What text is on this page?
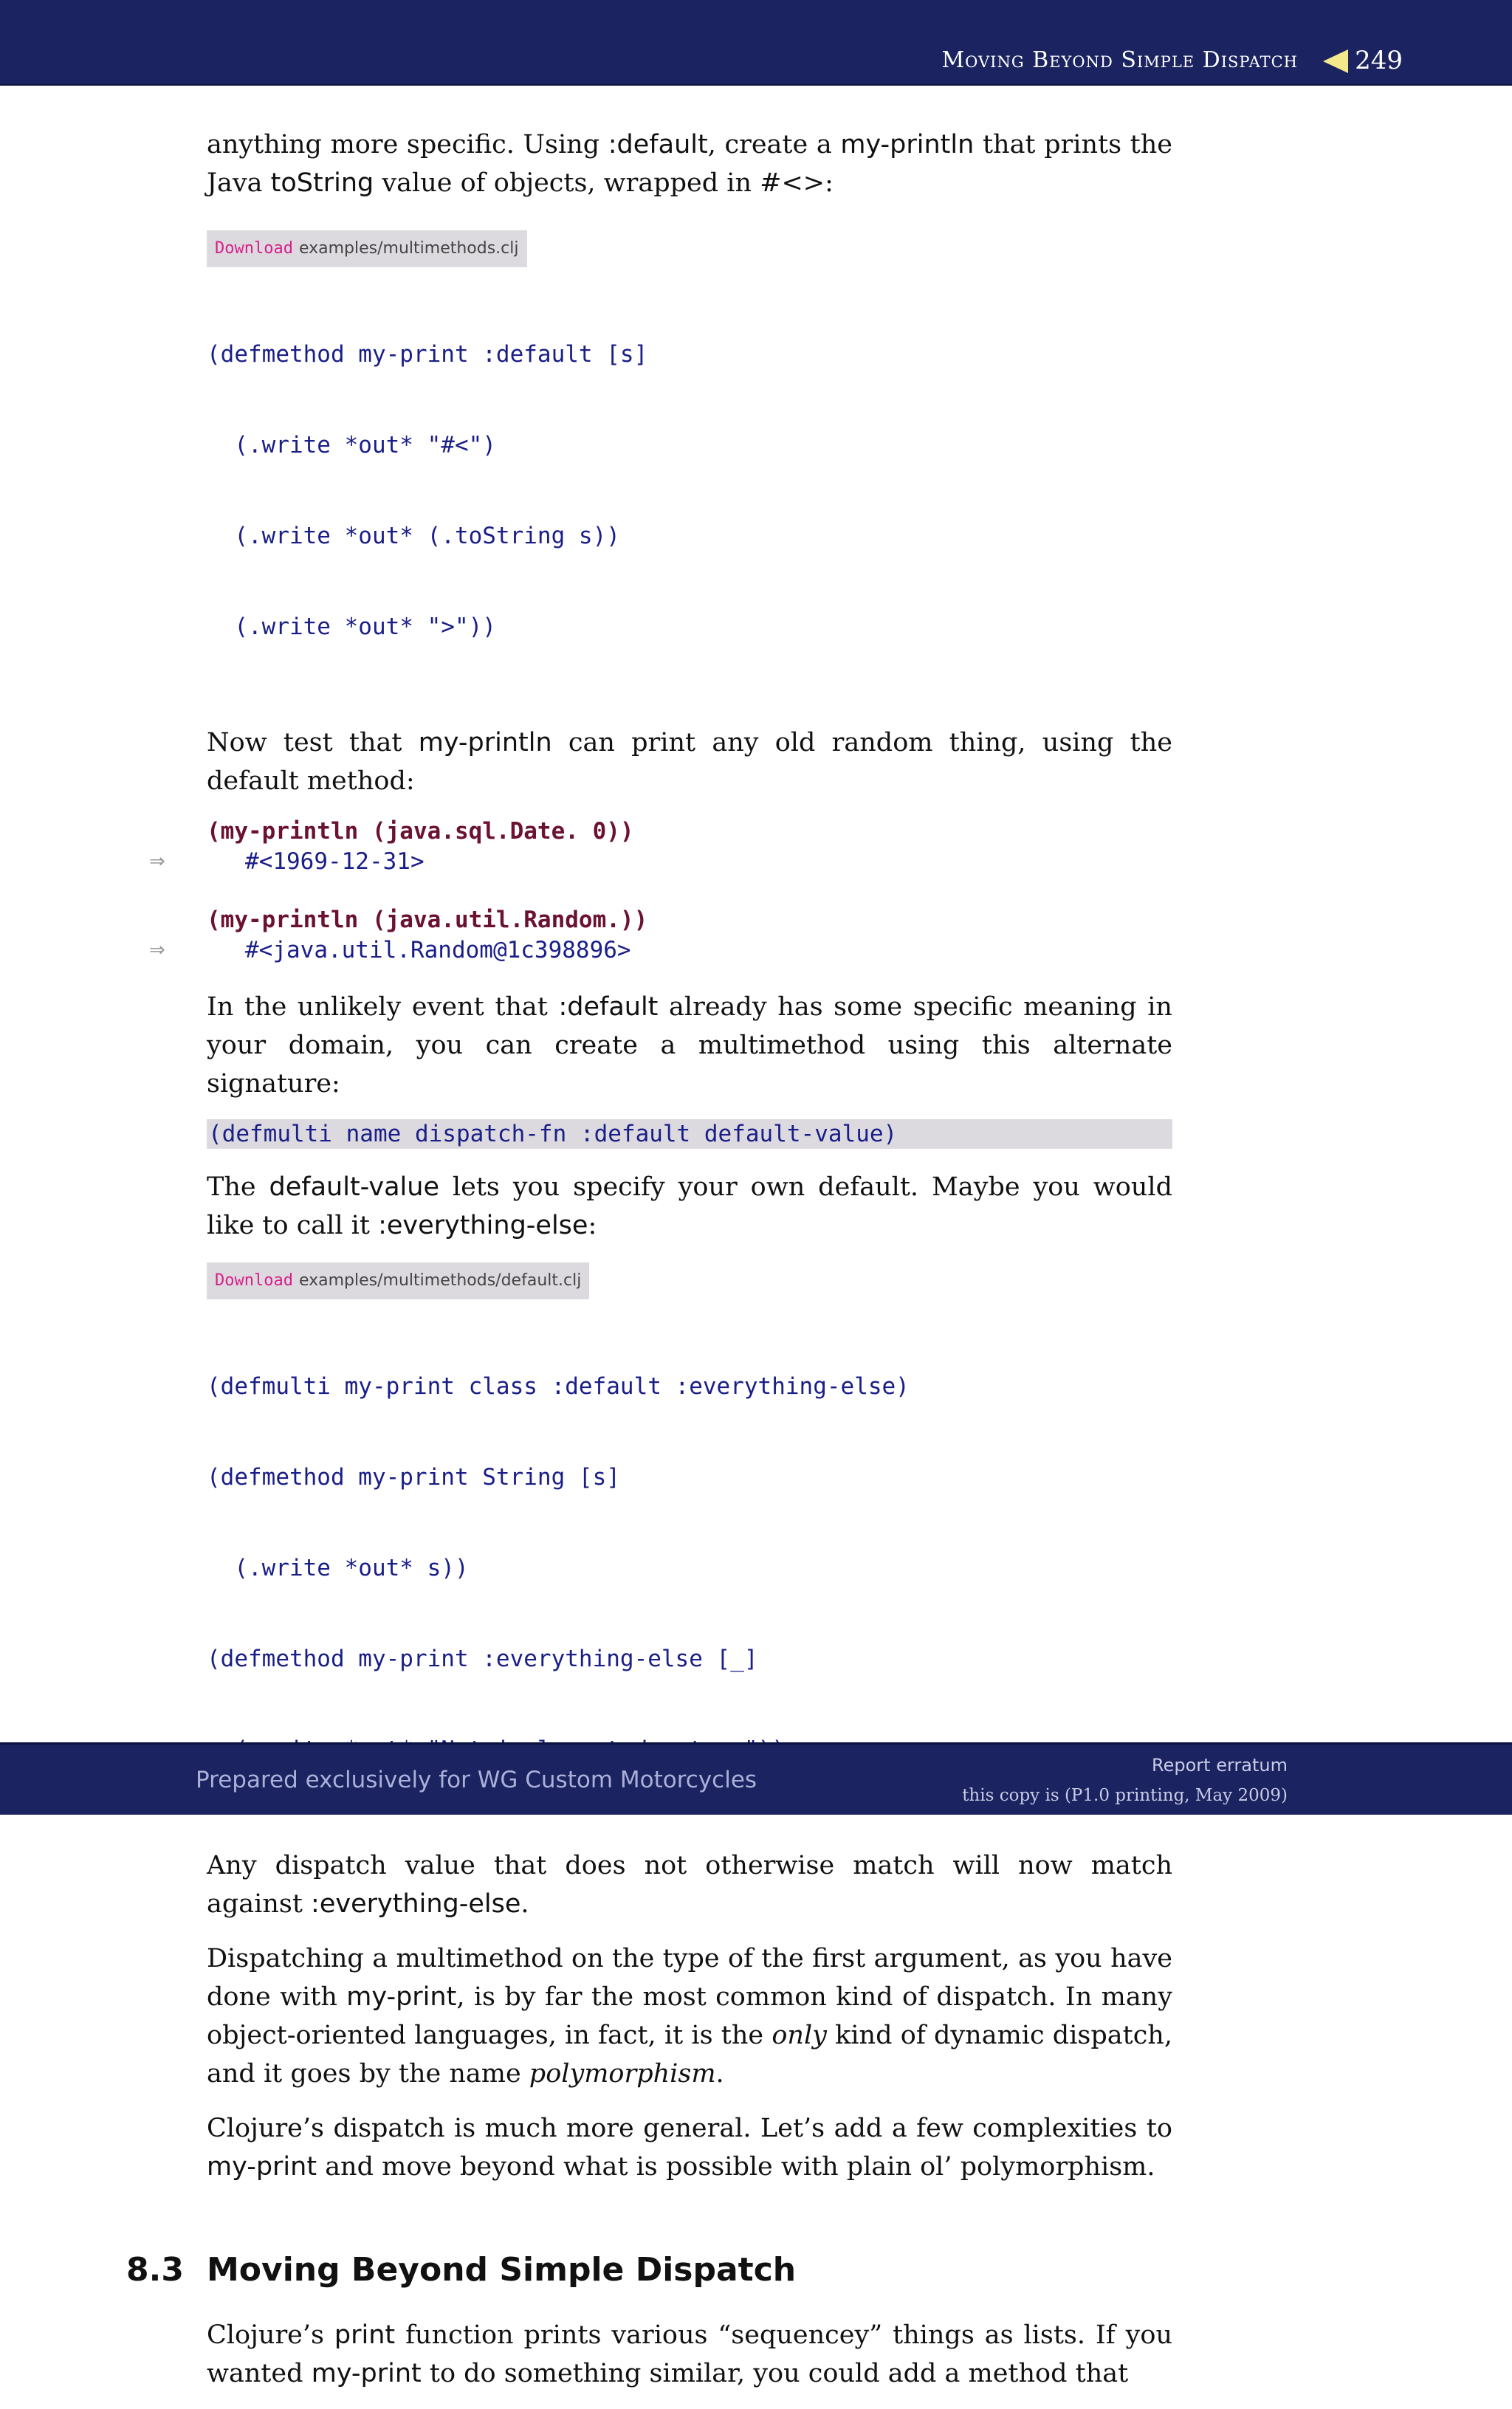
Moving Beyond Simple Dispatch 249

anything more specific. Using :default, create a my-println that prints the Java toString value of objects, wrapped in #<>:

Download examples/multimethods.clj

(defmethod my-print :default [s]

(.write *out* "#<")

(.write *out* (.toString s))

(.write *out* ">"))

Now test that my-println can print any old random thing, using the default method:

(my-println (java.sql.Date. 0))
⇒	#<1969-12-31>
(my-println (java.util.Random.))
⇒	#<java.util.Random@1c398896>

In the unlikely event that :default already has some specific meaning in your domain, you can create a multimethod using this alternate signature:

(defmulti name dispatch-fn :default default-value)

The default-value lets you specify your own default. Maybe you would like to call it :everything-else:

Download examples/multimethods/default.clj

(defmulti my-print class :default :everything-else)

(defmethod my-print String [s]

(.write *out* s))

(defmethod my-print :everything-else [_]

Any dispatch value that does not otherwise match will now match against :everything-else.

Dispatching a multimethod on the type of the first argument, as you have done with my-print, is by far the most common kind of dispatch. In many object-oriented languages, in fact, it is the only kind of dynamic dispatch, and it goes by the name polymorphism.

Clojure’s dispatch is much more general. Let’s add a few complexities to my-print and move beyond what is possible with plain ol’ polymorphism.

8.3 Moving Beyond Simple Dispatch

Clojure’s print function prints various “sequencey” things as lists. If you wanted my-print to do something similar, you could add a method that

Prepared exclusively for WG Custom Motorcycles
Report erratum
this copy is (P1.0 printing, May 2009)
